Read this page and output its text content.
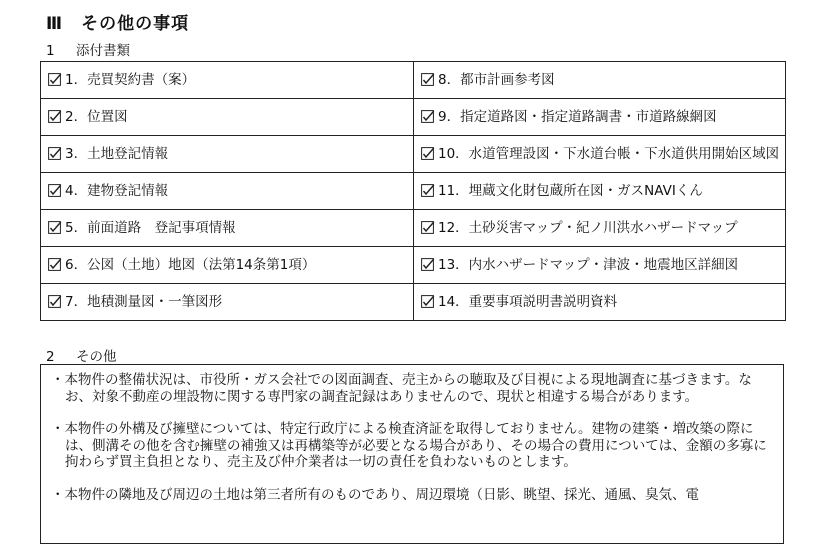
Ⅲ　 その他の事項
1 添付書類
1．売買契約書（案）	8．都市計画参考図
2．位置図	9．指定道路図・指定道路調書・市道路線網図
3．土地登記情報	10．水道管理設図・下水道台帳・下水道供用開始区域図
4．建物登記情報	11．埋蔵文化財包蔵所在図・ガスNAVIくん
5．前面道路　登記事項情報	12．土砂災害マップ・紀ノ川洪水ハザードマップ
6．公図（土地）地図（法第14条第1項）	13．内水ハザードマップ・津波・地震地区詳細図
7．地積測量図・一筆図形	14．重要事項説明書説明資料
2 その他
・本物件の整備状況は、市役所・ガス会社での図面調査、売主からの聴取及び目視による現地調査に基づきます。なお、対象不動産の埋設物に関する専門家の調査記録はありませんので、現状と相違する場合があります。
・本物件の外構及び擁壁については、特定行政庁による検査済証を取得しておりません。建物の建築・増改築の際には、側溝その他を含む擁壁の補強又は再構築等が必要となる場合があり、その場合の費用については、金額の多寡に拘わらず買主負担となり、売主及び仲介業者は一切の責任を負わないものとします。
・本物件の隣地及び周辺の土地は第三者所有のものであり、周辺環境（日影、眺望、採光、通風、臭気、電
